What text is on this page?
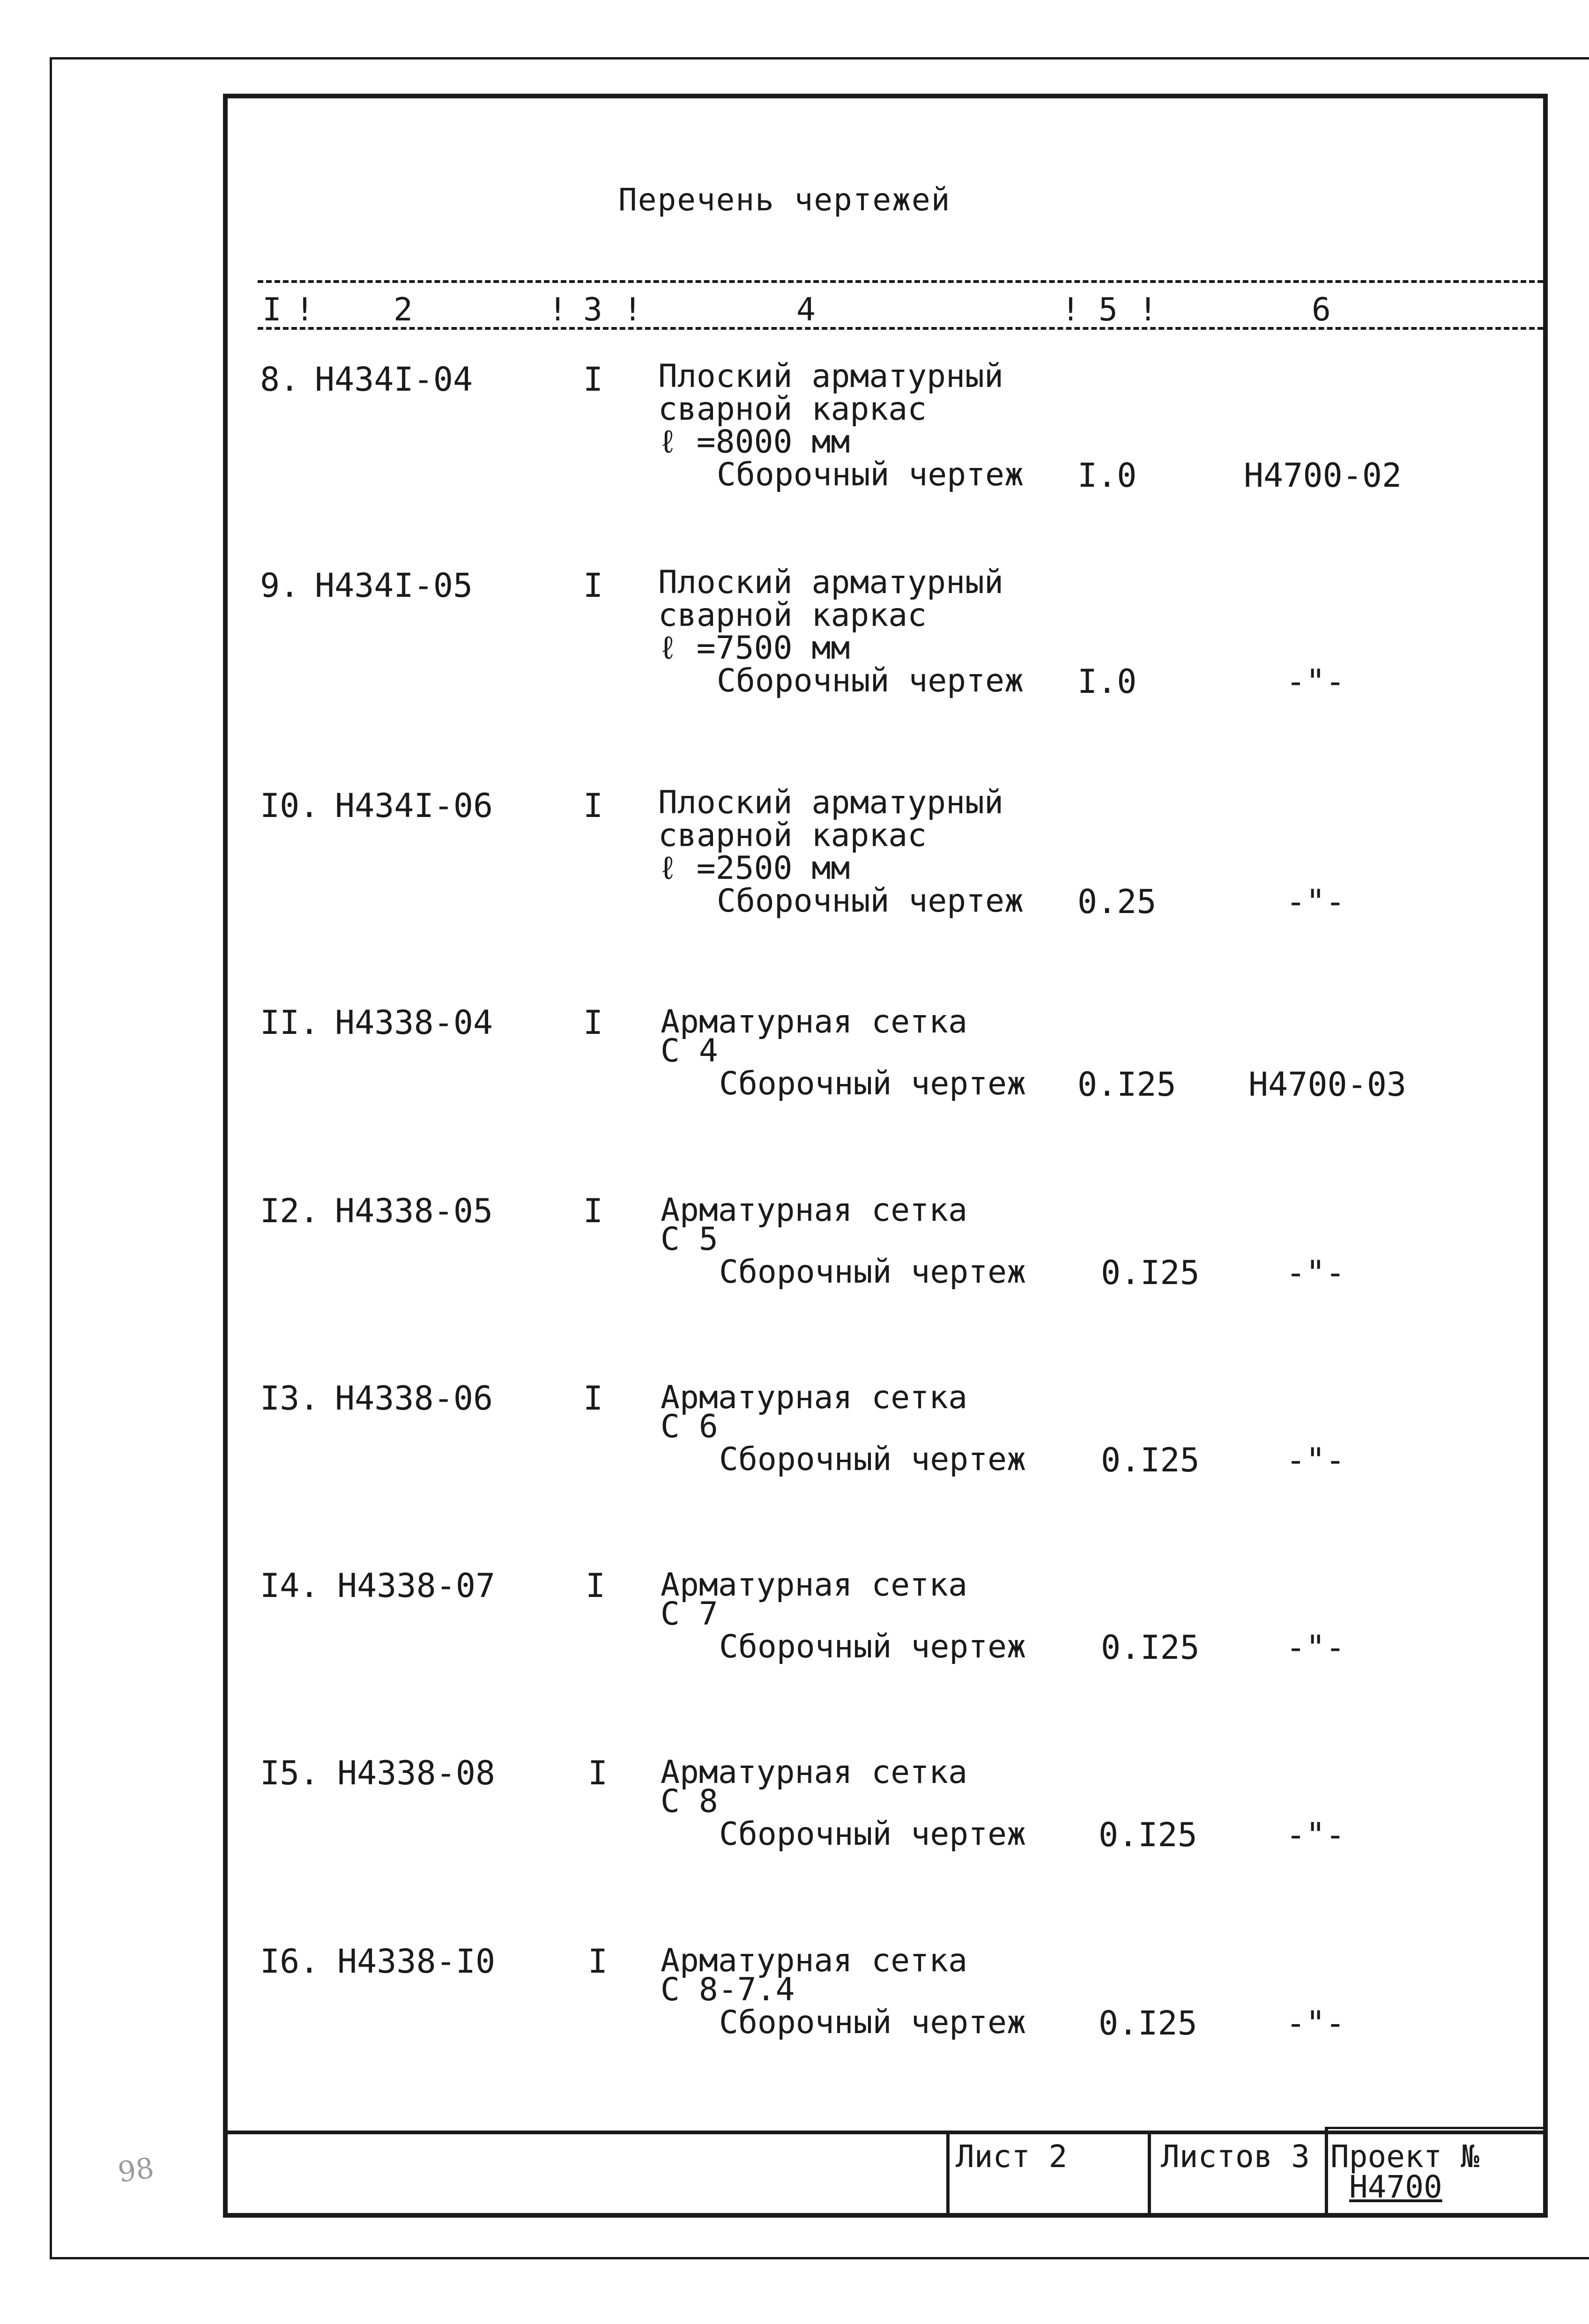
Перечень чертежей
I ! 2	! 3 !	4	! 5 !	6
8. Н434I-04	I Плоский арматурный
сварной каркас
ℓ =8000 мм
Сборочный чертеж I.0	Н4700-02
9. Н434I-05	I Плоский арматурный
сварной каркас
ℓ =7500 мм
Сборочный чертеж I.0	-"-
I0. Н434I-06	I Плоский арматурный
сварной каркас
ℓ =2500 мм
Сборочный чертеж 0.25	-"-
II. Н4338-04	I Арматурная сетка
С 4
Сборочный чертеж 0.I25 Н4700-03
I2. Н4338-05	I Арматурная сетка
С 5
Сборочный чертеж 0.I25	-"-
I3. Н4338-06	I Арматурная сетка
С 6
Сборочный чертеж 0.I25	-"-
I4. Н4338-07	I Арматурная сетка
С 7
Сборочный чертеж 0.I25	-"-
I5. Н4338-08	I Арматурная сетка
С 8
Сборочный чертеж 0.I25	-"-
I6. Н4338-I0	I Арматурная сетка
С 8-7.4
Сборочный чертеж 0.I25	-"-
Лист 2	Листов 3 Проект №
Н4700
98
